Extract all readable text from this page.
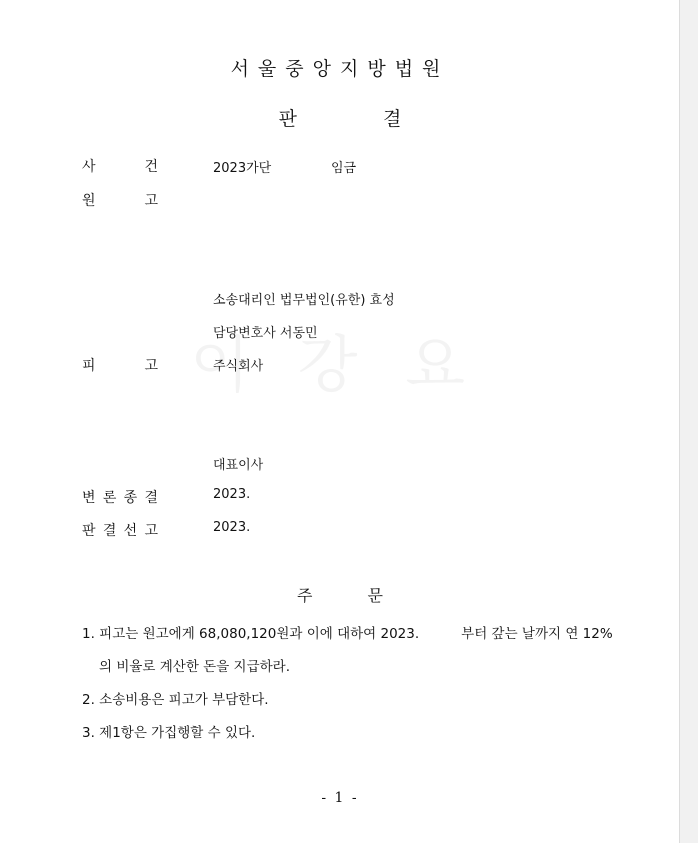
서울중앙지방법원
판 결
사	건	2023가단	임금
원	고
소송대리인 법무법인(유한) 효성
담당변호사 서동민
피	고	주식회사
대표이사
변 론 종 결	2023.
판 결 선 고	2023.
주 문
1. 피고는 원고에게 68,080,120원과 이에 대하여 2023.	부터 갚는 날까지 연 12%
의 비율로 계산한 돈을 지급하라.
2. 소송비용은 피고가 부담한다.
3. 제1항은 가집행할 수 있다.
- 1 -
